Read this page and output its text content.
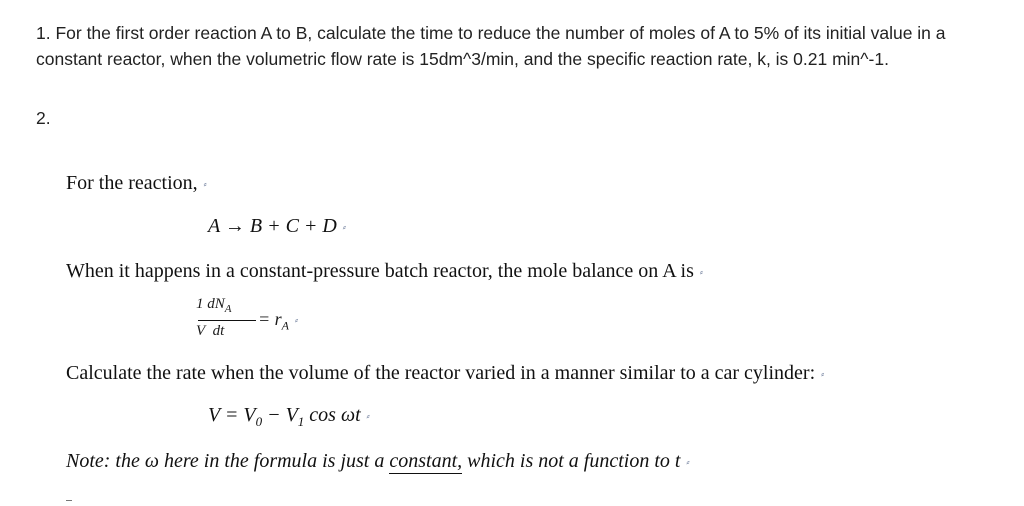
1. For the first order reaction A to B, calculate the time to reduce the number of moles of A to 5% of its initial value in a constant reactor, when the volumetric flow rate is 15dm^3/min, and the specific reaction rate, k, is 0.21 min^-1.
2.
For the reaction, ⸗
A → B + C + D ⸗
When it happens in a constant-pressure batch reactor, the mole balance on A is ⸗
1 $dN_A$
V dt
= $r_A$ ⸗
Calculate the rate when the volume of the reactor varied in a manner similar to a car cylinder: ⸗
$V = V_0 - V_1$ cos ωt ⸗
Note: the ω here in the formula is just a constant, which is not a function to t ⸗
